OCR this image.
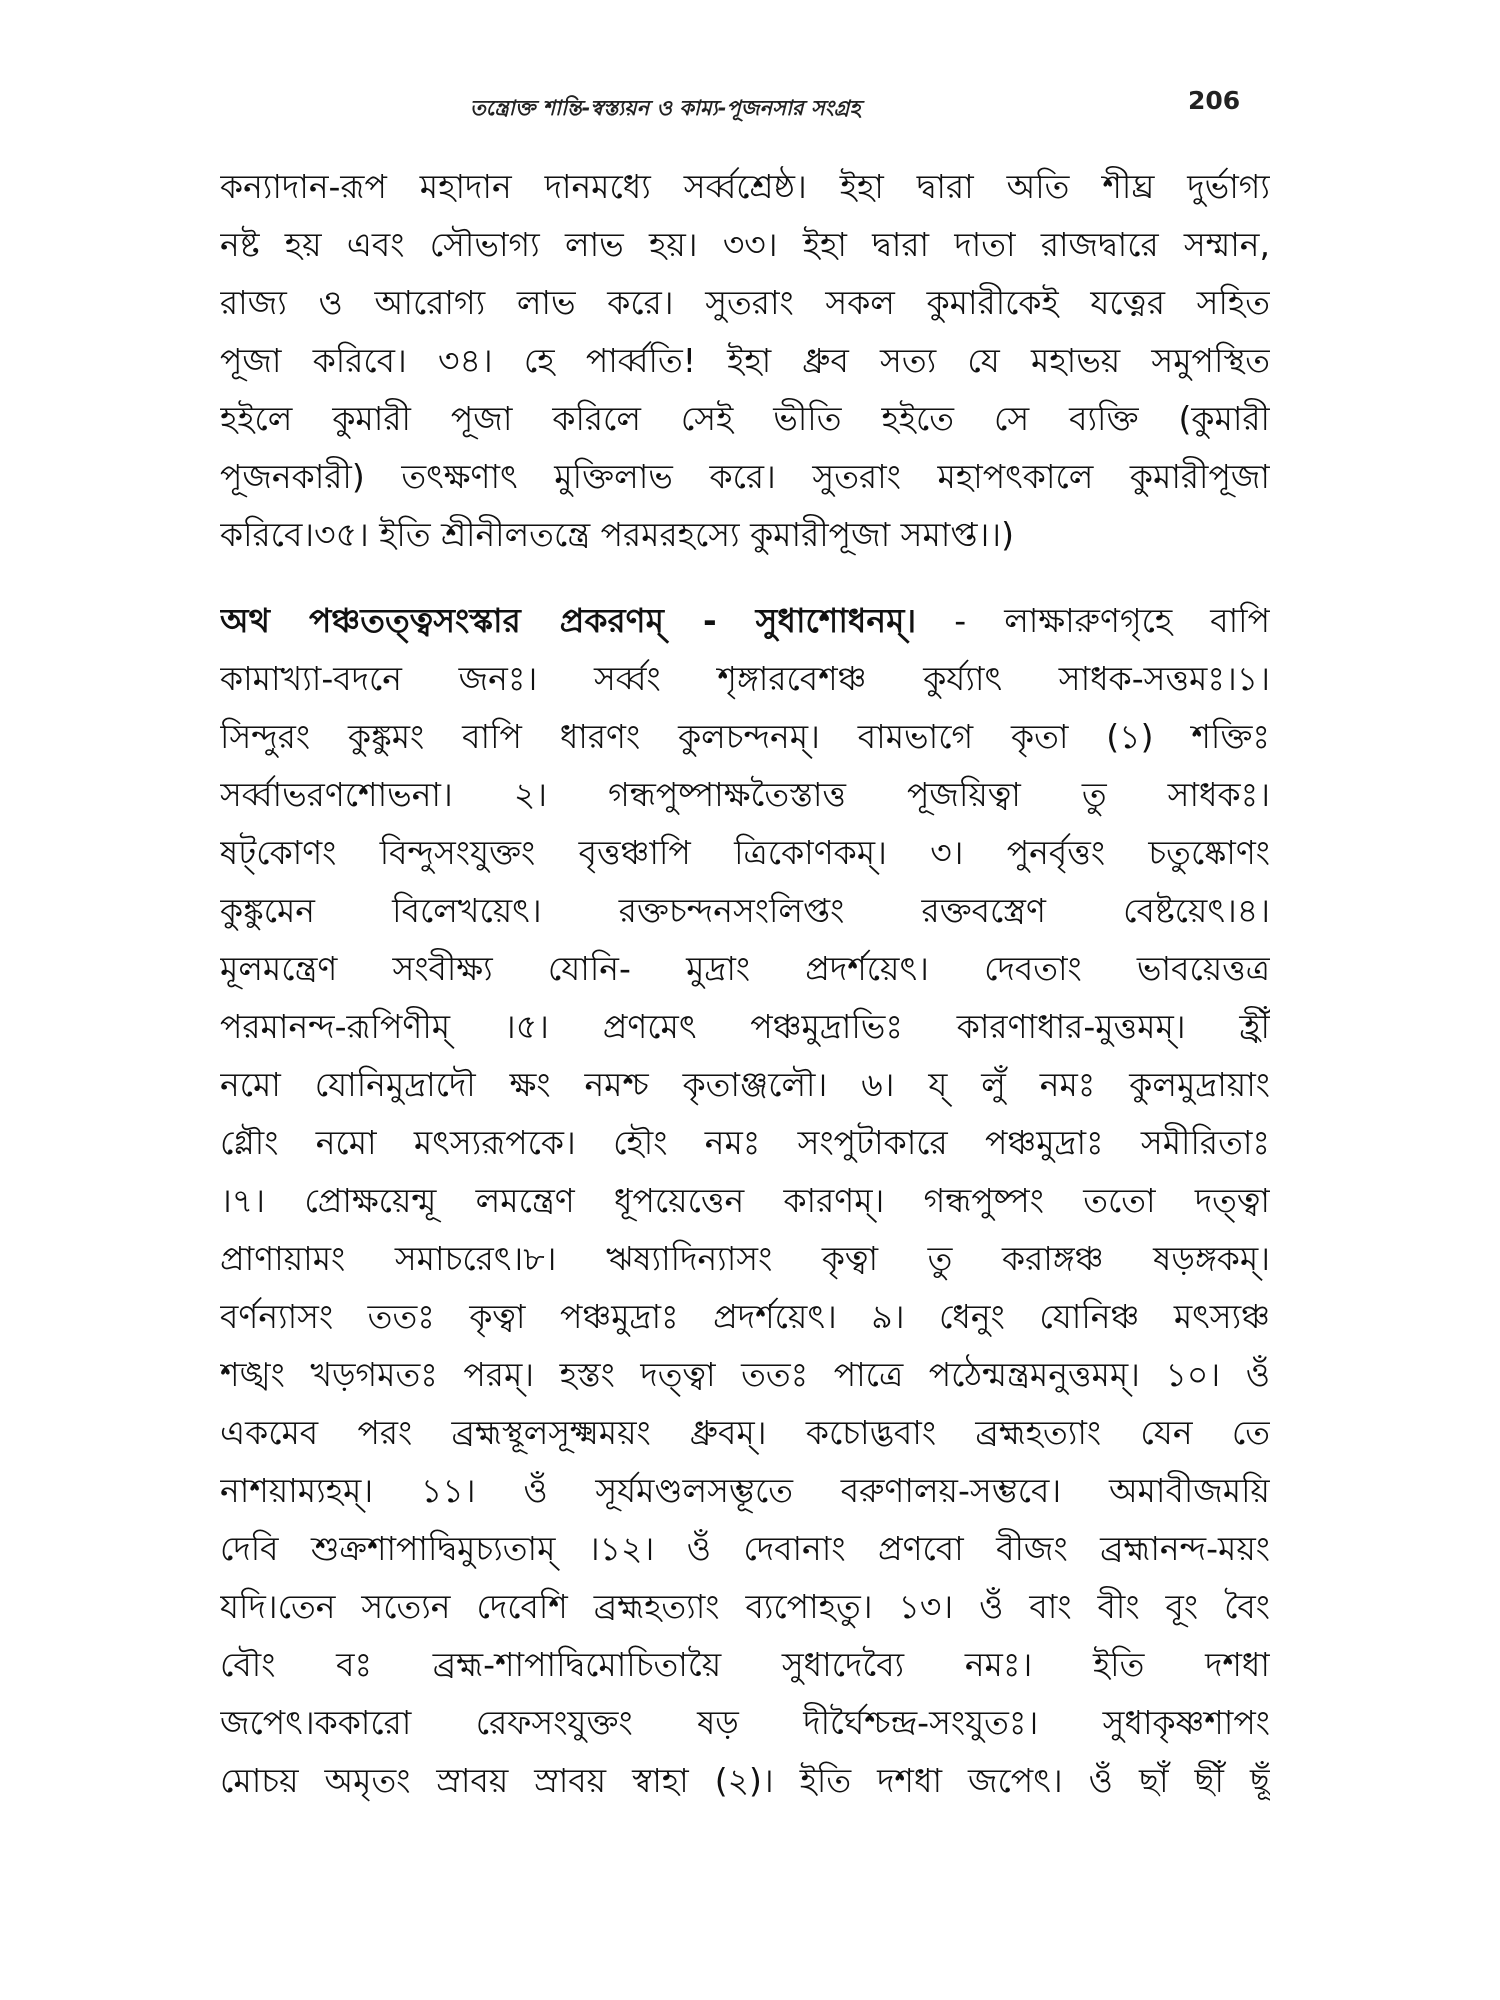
তন্ত্রোক্ত শান্তি-স্বস্ত্যয়ন ও কাম্য-পূজনসার সংগ্রহ	206
কন্যাদান-রূপ মহাদান দানমধ্যে সর্ব্বশ্রেষ্ঠ। ইহা দ্বারা অতি শীঘ্র দুর্ভাগ্য
নষ্ট হয় এবং সৌভাগ্য লাভ হয়। ৩৩। ইহা দ্বারা দাতা রাজদ্বারে সম্মান,
রাজ্য ও আরোগ্য লাভ করে। সুতরাং সকল কুমারীকেই যত্নের সহিত
পূজা করিবে। ৩৪। হে পার্ব্বতি! ইহা ধ্রুব সত্য যে মহাভয় সমুপস্থিত
হইলে কুমারী পূজা করিলে সেই ভীতি হইতে সে ব্যক্তি (কুমারী
পূজনকারী) তৎক্ষণাৎ মুক্তিলাভ করে। সুতরাং মহাপৎকালে কুমারীপূজা
করিবে।৩৫। ইতি শ্রীনীলতন্ত্রে পরমরহস্যে কুমারীপূজা সমাপ্ত।।)
অথ পঞ্চতত্ত্বসংস্কার প্রকরণম্ - সুধাশোধনম্। - লাক্ষারুণগৃহে বাপি
কামাখ্যা-বদনে জনঃ। সর্ব্বং শৃঙ্গারবেশঞ্চ কুর্য্যাৎ সাধক-সত্তমঃ।১।
সিন্দুরং কুঙ্কুমং বাপি ধারণং কুলচন্দনম্। বামভাগে কৃতা (১) শক্তিঃ
সর্ব্বাভরণশোভনা। ২। গন্ধপুষ্পাক্ষতৈস্তাত্ত পূজয়িত্বা তু সাধকঃ।
ষট্‌কোণং বিন্দুসংযুক্তং বৃত্তঞ্চাপি ত্রিকোণকম্। ৩। পুনর্বৃত্তং চতুষ্কোণং
কুঙ্কুমেন বিলেখয়েৎ। রক্তচন্দনসংলিপ্তং রক্তবস্ত্রেণ বেষ্টয়েৎ।৪।
মূলমন্ত্রেণ সংবীক্ষ্য যোনি- মুদ্রাং প্রদর্শয়েৎ। দেবতাং ভাবয়েত্তত্র
পরমানন্দ-রূপিণীম্ ।৫। প্রণমেৎ পঞ্চমুদ্রাভিঃ কারণাধার-মুত্তমম্। হ্রীঁ
নমো যোনিমুদ্রাদৌ ক্ষং নমশ্চ কৃতাঞ্জলৌ। ৬। য্ লুঁ নমঃ কুলমুদ্রায়াং
গ্লৌং নমো মৎস্যরূপকে। হৌং নমঃ সংপুটাকারে পঞ্চমুদ্রাঃ সমীরিতাঃ
।৭। প্রোক্ষয়েন্মূ লমন্ত্রেণ ধূপয়েত্তেন কারণম্। গন্ধপুষ্পং ততো দত্ত্বা
প্রাণায়ামং সমাচরেৎ।৮। ঋষ্যাদিন্যাসং কৃত্বা তু করাঙ্গঞ্চ ষড়ঙ্গকম্।
বর্ণন্যাসং ততঃ কৃত্বা পঞ্চমুদ্রাঃ প্রদর্শয়েৎ। ৯। ধেনুং যোনিঞ্চ মৎস্যঞ্চ
শঙ্খং খড়গমতঃ পরম্। হস্তং দত্ত্বা ততঃ পাত্রে পঠেন্মন্ত্রমনুত্তমম্। ১০। ওঁ
একমেব পরং ব্রহ্মস্থূলসূক্ষ্মময়ং ধ্রুবম্। কচোদ্ভবাং ব্রহ্মহত্যাং যেন তে
নাশয়াম্যহম্। ১১। ওঁ সূর্যমণ্ডলসম্ভূতে বরুণালয়-সম্ভবে। অমাবীজময়ি
দেবি শুক্রশাপাদ্বিমুচ্যতাম্ ।১২। ওঁ দেবানাং প্রণবো বীজং ব্রহ্মানন্দ-ময়ং
যদি।তেন সত্যেন দেবেশি ব্রহ্মহত্যাং ব্যপোহতু। ১৩। ওঁ বাং বীং বূং বৈং
বৌং বঃ ব্রহ্ম-শাপাদ্বিমোচিতায়ৈ সুধাদেব্যৈ নমঃ। ইতি দশধা
জপেৎ।ককারো রেফসংযুক্তং ষড় দীর্ঘৈশ্চন্দ্র-সংযুতঃ। সুধাকৃষ্ণশাপং
মোচয় অমৃতং স্রাবয় স্রাবয় স্বাহা (২)। ইতি দশধা জপেৎ। ওঁ ছাঁ ছীঁ ছূঁ
